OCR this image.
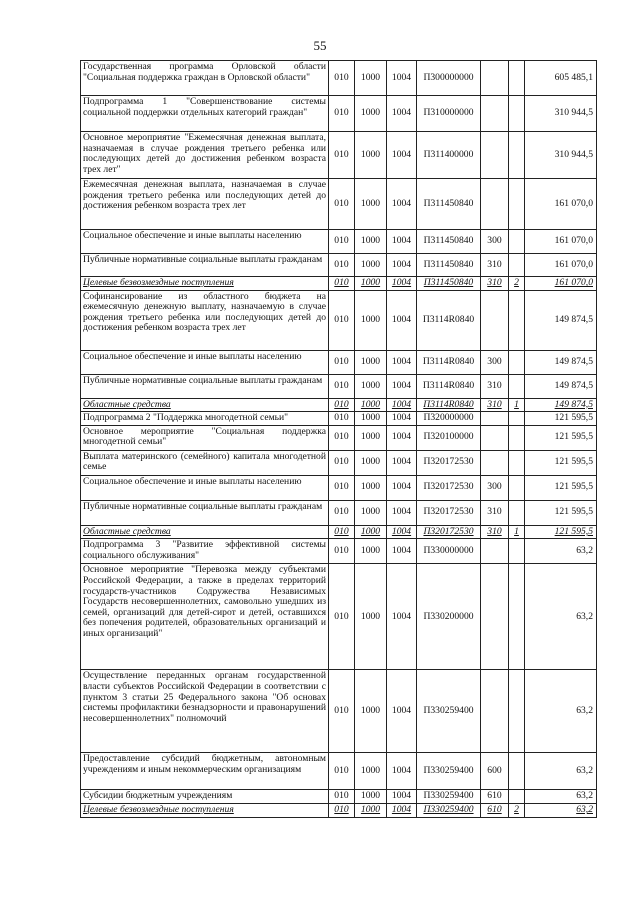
55
Государственная программа Орловской области "Социальная поддержка граждан в Орловской области"	010	1000	1004	П300000000			605 485,1
Подпрограмма 1 "Совершенствование системы социальной поддержки отдельных категорий граждан"	010	1000	1004	П310000000			310 944,5
Основное мероприятие "Ежемесячная денежная выплата, назначаемая в случае рождения третьего ребенка или последующих детей до достижения ребенком возраста трех лет"	010	1000	1004	П311400000			310 944,5
Ежемесячная денежная выплата, назначаемая в случае рождения третьего ребенка или последующих детей до достижения ребенком возраста трех лет	010	1000	1004	П311450840			161 070,0
Социальное обеспечение и иные выплаты населению	010	1000	1004	П311450840	300		161 070,0
Публичные нормативные социальные выплаты гражданам	010	1000	1004	П311450840	310		161 070,0
Целевые безвозмездные поступления	010	1000	1004	П311450840	310	2	161 070,0
Софинансирование из областного бюджета на ежемесячную денежную выплату, назначаемую в случае рождения третьего ребенка или последующих детей до достижения ребенком возраста трех лет	010	1000	1004	П3114R0840			149 874,5
Социальное обеспечение и иные выплаты населению	010	1000	1004	П3114R0840	300		149 874,5
Публичные нормативные социальные выплаты гражданам	010	1000	1004	П3114R0840	310		149 874,5
Областные средства	010	1000	1004	П3114R0840	310	1	149 874,5
Подпрограмма 2 "Поддержка многодетной семьи"	010	1000	1004	П320000000			121 595,5
Основное мероприятие "Социальная поддержка многодетной семьи"	010	1000	1004	П320100000			121 595,5
Выплата материнского (семейного) капитала многодетной семье	010	1000	1004	П320172530			121 595,5
Социальное обеспечение и иные выплаты населению	010	1000	1004	П320172530	300		121 595,5
Публичные нормативные социальные выплаты гражданам	010	1000	1004	П320172530	310		121 595,5
Областные средства	010	1000	1004	П320172530	310	1	121 595,5
Подпрограмма 3 "Развитие эффективной системы социального обслуживания"	010	1000	1004	П330000000			63,2
Основное мероприятие "Перевозка между субъектами Российской Федерации, а также в пределах территорий государств-участников Содружества Независимых Государств несовершеннолетних, самовольно ушедших из семей, организаций для детей-сирот и детей, оставшихся без попечения родителей, образовательных организаций и иных организаций"	010	1000	1004	П330200000			63,2
Осуществление переданных органам государственной власти субъектов Российской Федерации в соответствии с пунктом 3 статьи 25 Федерального закона "Об основах системы профилактики безнадзорности и правонарушений несовершеннолетних" полномочий	010	1000	1004	П330259400			63,2
Предоставление субсидий бюджетным, автономным учреждениям и иным некоммерческим организациям	010	1000	1004	П330259400	600		63,2
Субсидии бюджетным учреждениям	010	1000	1004	П330259400	610		63,2
Целевые безвозмездные поступления	010	1000	1004	П330259400	610	2	63,2
